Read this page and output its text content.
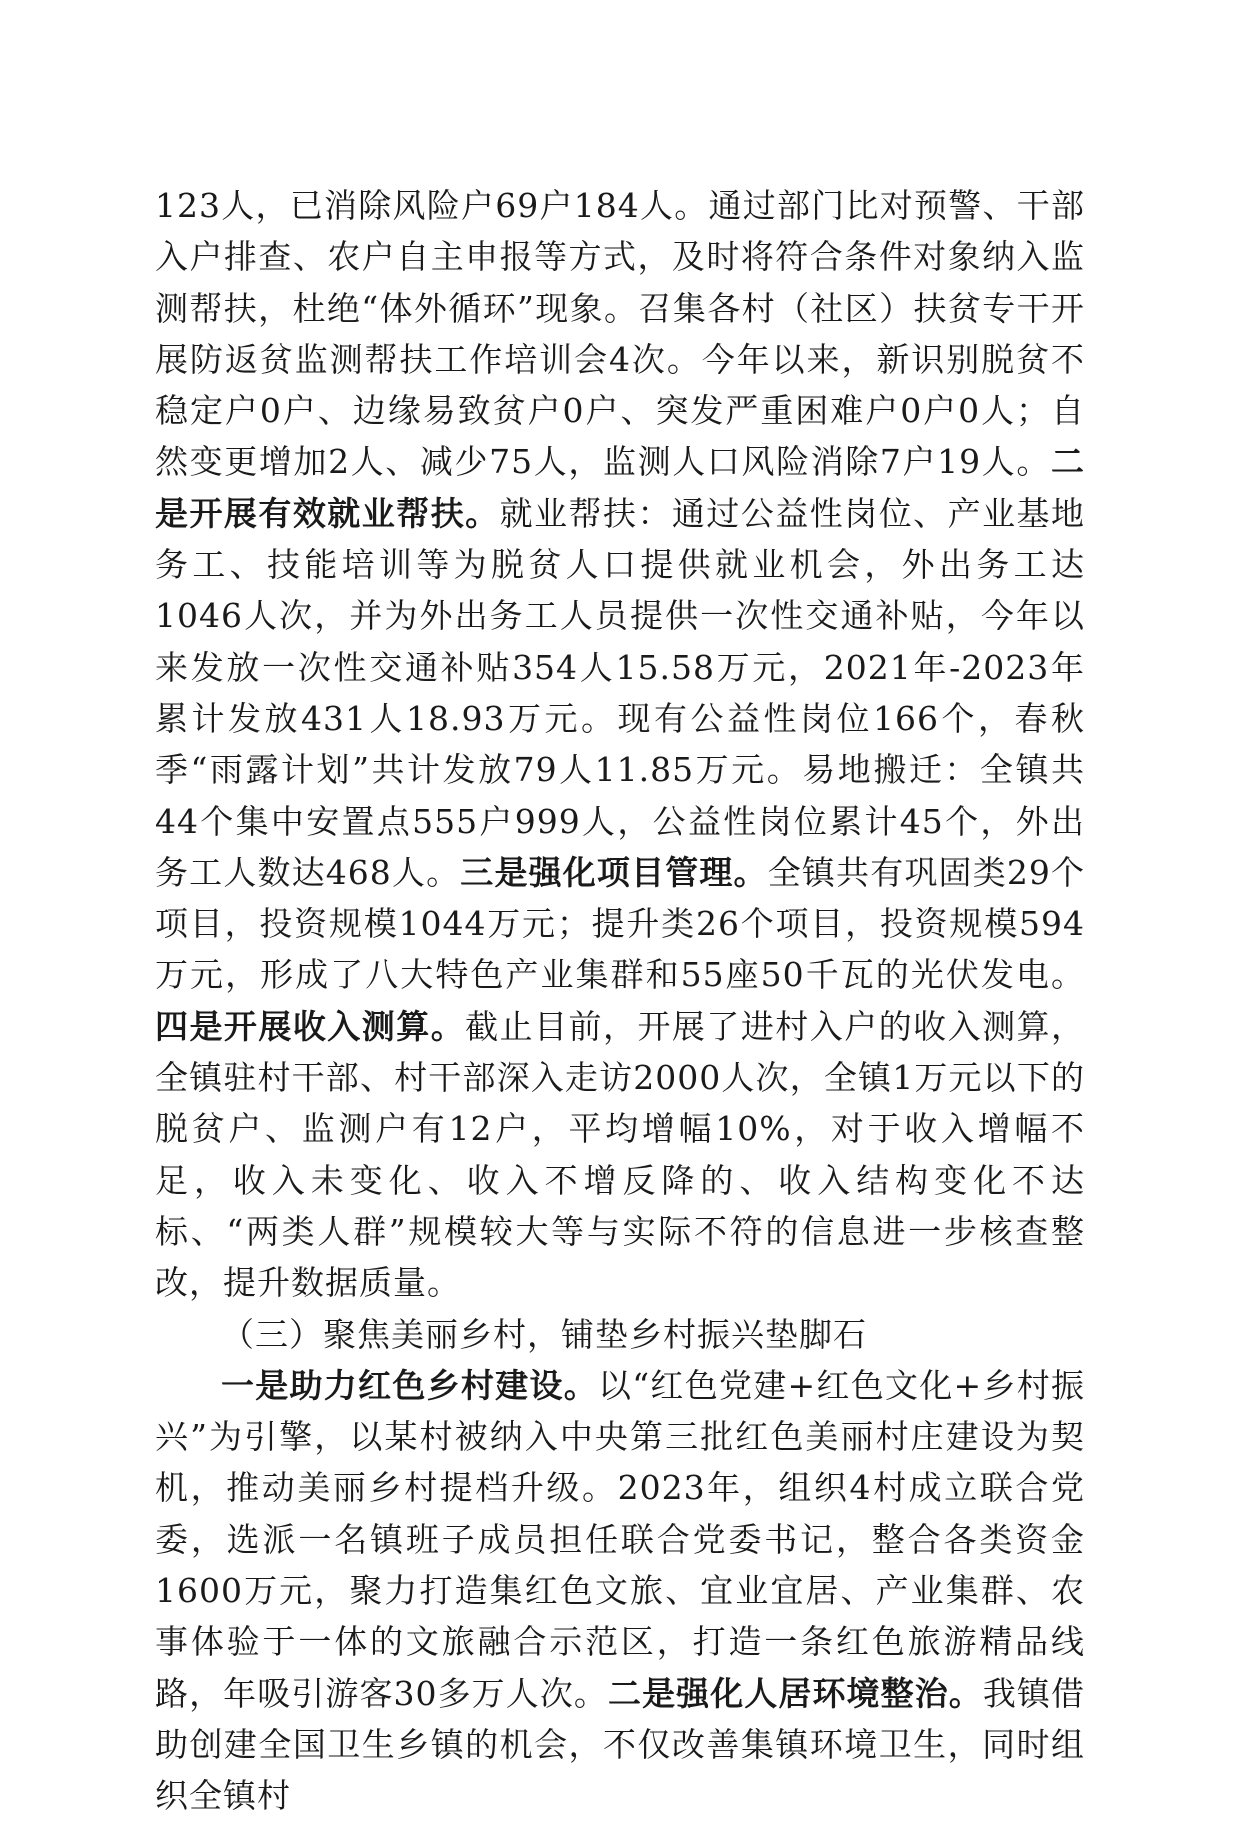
123人，已消除风险户69户184人。通过部门比对预警、干部入户排查、农户自主申报等方式，及时将符合条件对象纳入监测帮扶，杜绝“体外循环”现象。召集各村（社区）扶贫专干开展防返贫监测帮扶工作培训会4次。今年以来，新识别脱贫不稳定户0户、边缘易致贫户0户、突发严重困难户0户0人；自然变更增加2人、减少75人，监测人口风险消除7户19人。二是开展有效就业帮扶。就业帮扶：通过公益性岗位、产业基地务工、技能培训等为脱贫人口提供就业机会，外出务工达1046人次，并为外出务工人员提供一次性交通补贴，今年以来发放一次性交通补贴354人15.58万元，2021年-2023年累计发放431人18.93万元。现有公益性岗位166个，春秋季“雨露计划”共计发放79人11.85万元。易地搬迁：全镇共44个集中安置点555户999人，公益性岗位累计45个，外出务工人数达468人。三是强化项目管理。全镇共有巩固类29个项目，投资规模1044万元；提升类26个项目，投资规模594万元，形成了八大特色产业集群和55座50千瓦的光伏发电。四是开展收入测算。截止目前，开展了进村入户的收入测算，全镇驻村干部、村干部深入走访2000人次，全镇1万元以下的脱贫户、监测户有12户，平均增幅10%，对于收入增幅不足，收入未变化、收入不增反降的、收入结构变化不达标、“两类人群”规模较大等与实际不符的信息进一步核查整改，提升数据质量。

（三）聚焦美丽乡村，铺垫乡村振兴垫脚石

一是助力红色乡村建设。以“红色党建+红色文化+乡村振兴”为引擎，以某村被纳入中央第三批红色美丽村庄建设为契机，推动美丽乡村提档升级。2023年，组织4村成立联合党委，选派一名镇班子成员担任联合党委书记，整合各类资金1600万元，聚力打造集红色文旅、宜业宜居、产业集群、农事体验于一体的文旅融合示范区，打造一条红色旅游精品线路，年吸引游客30多万人次。二是强化人居环境整治。我镇借助创建全国卫生乡镇的机会，不仅改善集镇环境卫生，同时组织全镇村
